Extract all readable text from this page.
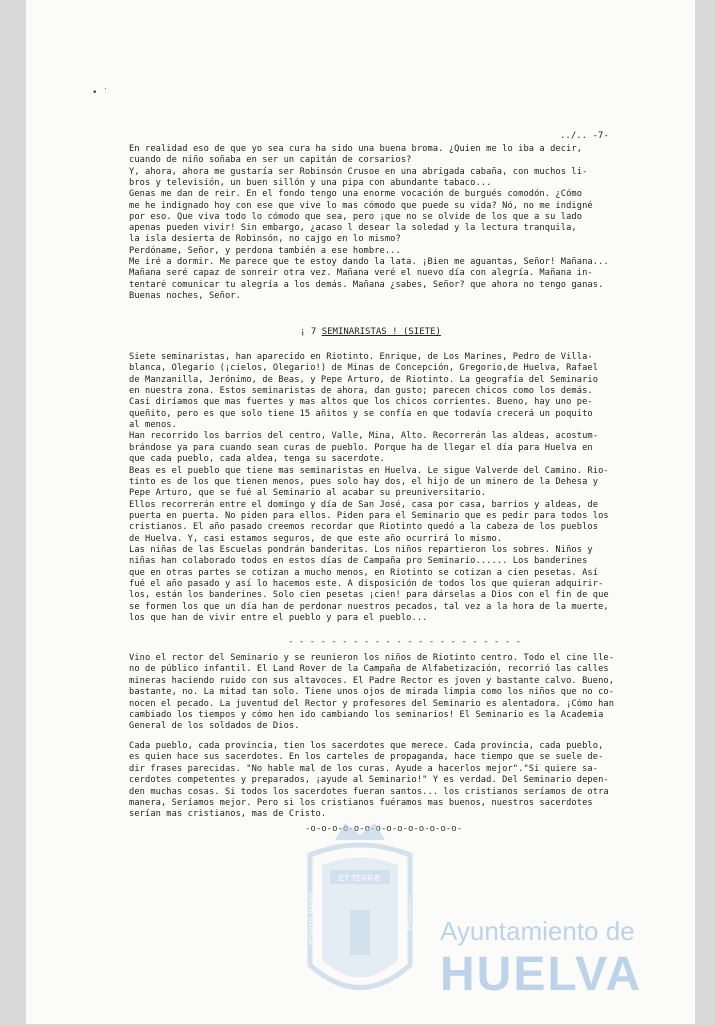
• ˙
../.. -7-
En realidad eso de que yo sea cura ha sido una buena broma. ¿Quien me lo iba a decir,
cuando de niño soñaba en ser un capitán de corsarios?
Y, ahora, ahora me gustaría ser Robinsón Crusoe en una abrigada cabaña, con muchos li-
bros y televisión, un buen sillón y una pipa con abundante tabaco...
Genas me dan de reir. En el fondo tengo una enorme vocación de burgués comodón. ¿Cómo
me he indignado hoy con ese que vive lo mas cómodo que puede su vida? Nó, no me indigné
por eso. Que viva todo lo cómodo que sea, pero ¡que no se olvide de los que a su lado
apenas pueden vivir! Sin embargo, ¿acaso l desear la soledad y la lectura tranquila,
la isla desierta de Robinsón, no cajgo en lo mismo?
Perdóname, Señor, y perdona también a ese hombre...
Me iré a dormir. Me parece que te estoy dando la lata. ¡Bien me aguantas, Señor! Mañana...
Mañana seré capaz de sonreir otra vez. Mañana veré el nuevo día con alegría. Mañana in-
tentaré comunicar tu alegría a los demás. Mañana ¿sabes, Señor? que ahora no tengo ganas.
Buenas noches, Señor.
Siete seminaristas, han aparecido en Riotinto. Enrique, de Los Marines, Pedro de Villa-
blanca, Olegario (¡cielos, Olegario!) de Minas de Concepción, Gregorio,de Huelva, Rafael
de Manzanilla, Jerónimo, de Beas, y Pepe Arturo, de Riotinto. La geografía del Seminario
en nuestra zona. Estos seminaristas de ahora, dan gusto; parecen chicos como los demás.
Casi diríamos que mas fuertes y mas altos que los chicos corrientes. Bueno, hay uno pe-
queñito, pero es que solo tiene 15 añitos y se confía en que todavía crecerá un poquito
al menos.
Han recorrido los barrios del centro, Valle, Mina, Alto. Recorrerán las aldeas, acostum-
brándose ya para cuando sean curas de pueblo. Porque ha de llegar el día para Huelva en
que cada pueblo, cada aldea, tenga su sacerdote.
Beas es el pueblo que tiene mas seminaristas en Huelva. Le sigue Valverde del Camino. Rio-
tinto es de los que tienen menos, pues solo hay dos, el hijo de un minero de la Dehesa y
Pepe Arturo, que se fué al Seminario al acabar su preuniversitario.
Ellos recorrerán entre el domingo y día de San José, casa por casa, barrios y aldeas, de
puerta en puerta. No piden para ellos. Piden para el Seminario que es pedir para todos los
cristianos. El año pasado creemos recordar que Riotinto quedó a la cabeza de los pueblos
de Huelva. Y, casi estamos seguros, de que este año ocurrirá lo mismo.
Las niñas de las Escuelas pondrán banderitas. Los niños repartieron los sobres. Niños y
niñas han colaborado todos en estos días de Campaña pro Seminario...... Los banderines
que en otras partes se cotizan a mucho menos, en Riotinto se cotizan a cien pesetas. Así
fué el año pasado y así lo hacemos este. A disposición de todos los que quieran adquirir-
los, están los banderines. Solo cien pesetas ¡cien! para dárselas a Dios con el fin de que
se formen los que un día han de perdonar nuestros pecados, tal vez a la hora de la muerte,
los que han de vivir entre el pueblo y para el pueblo...
Vino el rector del Seminario y se reunieron los niños de Riotinto centro. Todo el cine lle-
no de público infantil. El Land Rover de la Campaña de Alfabetización, recorrió las calles
mineras haciendo ruido con sus altavoces. El Padre Rector es joven y bastante calvo. Bueno,
bastante, no. La mitad tan solo. Tiene unos ojos de mirada limpia como los niños que no co-
nocen el pecado. La juventud del Rector y profesores del Seminario es alentadora. ¡Cómo han
cambiado los tiempos y cómo hen ido cambiando los seminarios! El Seminario es la Academia
General de los soldados de Dios.
Cada pueblo, cada provincia, tien los sacerdotes que merece. Cada provincia, cada pueblo,
es quien hace sus sacerdotes. En los carteles de propaganda, hace tiempo que se suele de-
dir frases parecidas. "No hable mal de los curas. Ayude a hacerlos mejor"."Si quiere sa-
cerdotes competentes y preparados, ¡ayude al Seminario!" Y es verdad. Del Seminario depen-
den muchas cosas. Si todos los sacerdotes fueran santos... los cristianos seríamos de otra
manera, Seríamos mejor. Pero si los cristianos fuéramos mas buenos, nuestros sacerdotes
serían mas cristianos, mas de Cristo.
¡ 7 SEMINARISTAS ! (SIETE)
- - - - - - - - - - - - - - - - - - - - - -
-o-o-o-o-o-o-o-o-o-o-o-o-o-o-
ET TERRÆ
PORTUS MARIS	CUSTODIA Ayuntamiento de
HUELVA
